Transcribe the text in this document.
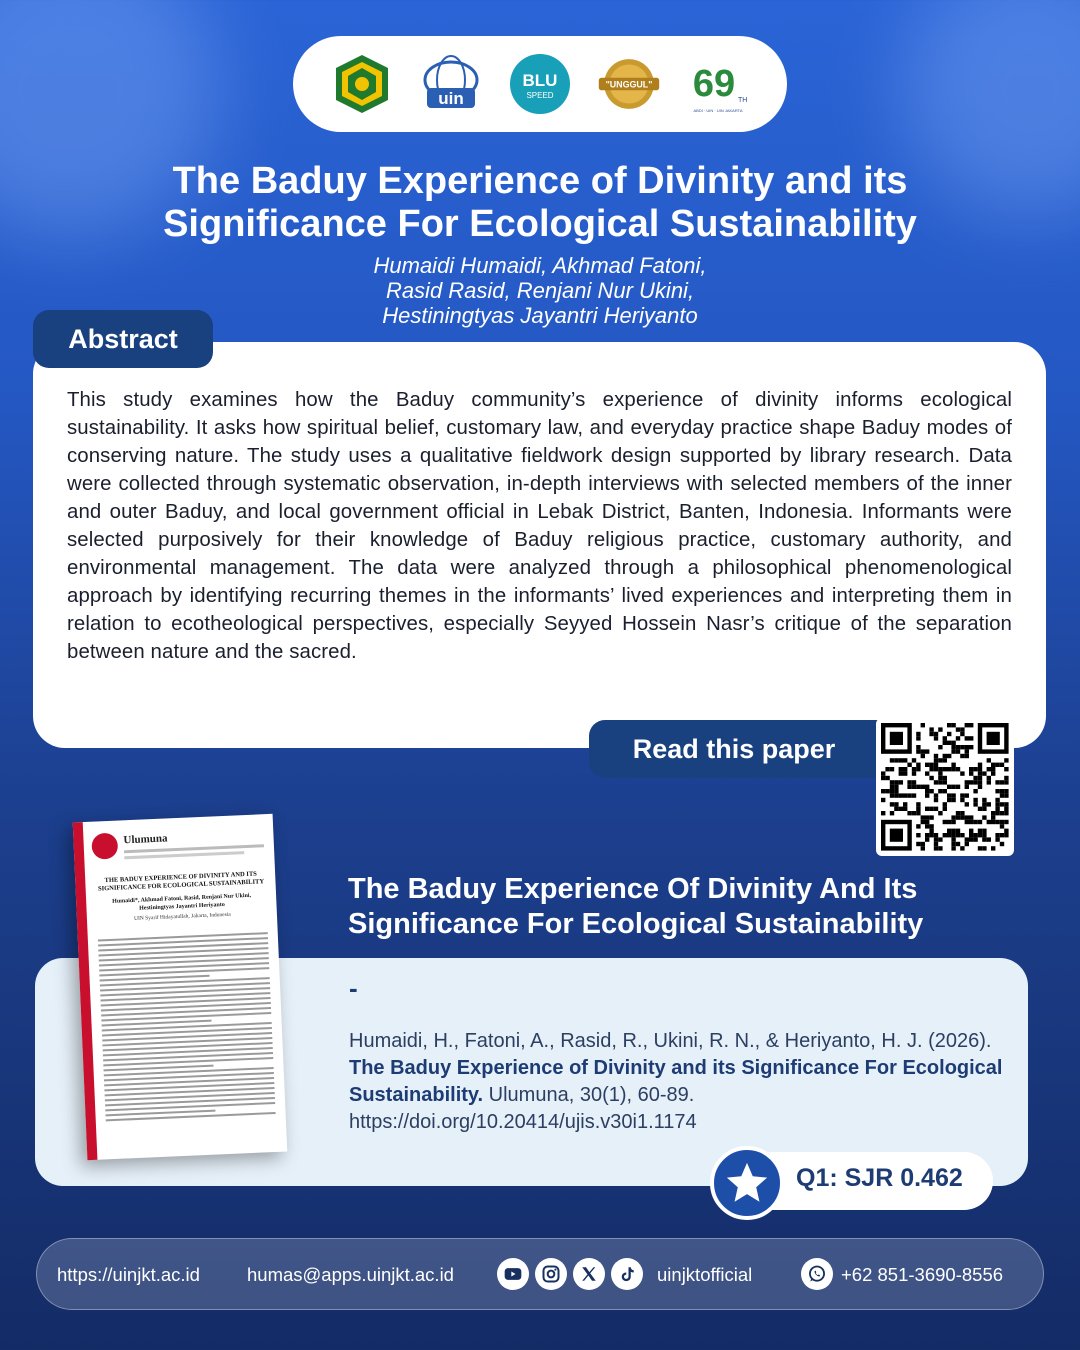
uin
BLU
SPEED
"UNGGUL" 69 TH
ABDI · UIN · UIN JAKARTA
The Baduy Experience of Divinity and its Significance For Ecological Sustainability
Humaidi Humaidi, Akhmad Fatoni,
Rasid Rasid, Renjani Nur Ukini,
Hestiningtyas Jayantri Heriyanto

This study examines how the Baduy community’s experience of divinity informs ecological sustainability. It asks how spiritual belief, customary law, and everyday practice shape Baduy modes of conserving nature. The study uses a qualitative fieldwork design supported by library research. Data were collected through systematic observation, in-depth interviews with selected members of the inner and outer Baduy, and local government official in Lebak District, Banten, Indonesia. Informants were selected purposively for their knowledge of Baduy religious practice, customary authority, and environmental management. The data were analyzed through a philosophical phenomenological approach by identifying recurring themes in the informants’ lived experiences and interpreting them in relation to ecotheological perspectives, especially Seyyed Hossein Nasr’s critique of the separation between nature and the sacred.

Abstract
Read this paper
The Baduy Experience Of Divinity And Its Significance For Ecological Sustainability
-

Humaidi, H., Fatoni, A., Rasid, R., Ukini, R. N., & Heriyanto, H. J. (2026). The Baduy Experience of Divinity and its Significance For Ecological Sustainability. Ulumuna, 30(1), 60-89. https://doi.org/10.20414/ujis.v30i1.1174

Ulumuna
THE BADUY EXPERIENCE OF DIVINITY AND ITS SIGNIFICANCE FOR ECOLOGICAL SUSTAINABILITY
Humaidi*, Akhmad Fatoni, Rasid, Renjani Nur Ukini, Hestiningtyas Jayantri Heriyanto
UIN Syarif Hidayatullah, Jakarta, Indonesia
Q1: SJR 0.462
https://uinjkt.ac.id	humas@apps.uinjkt.ac.id	uinjktofficial	+62 851-3690-8556
